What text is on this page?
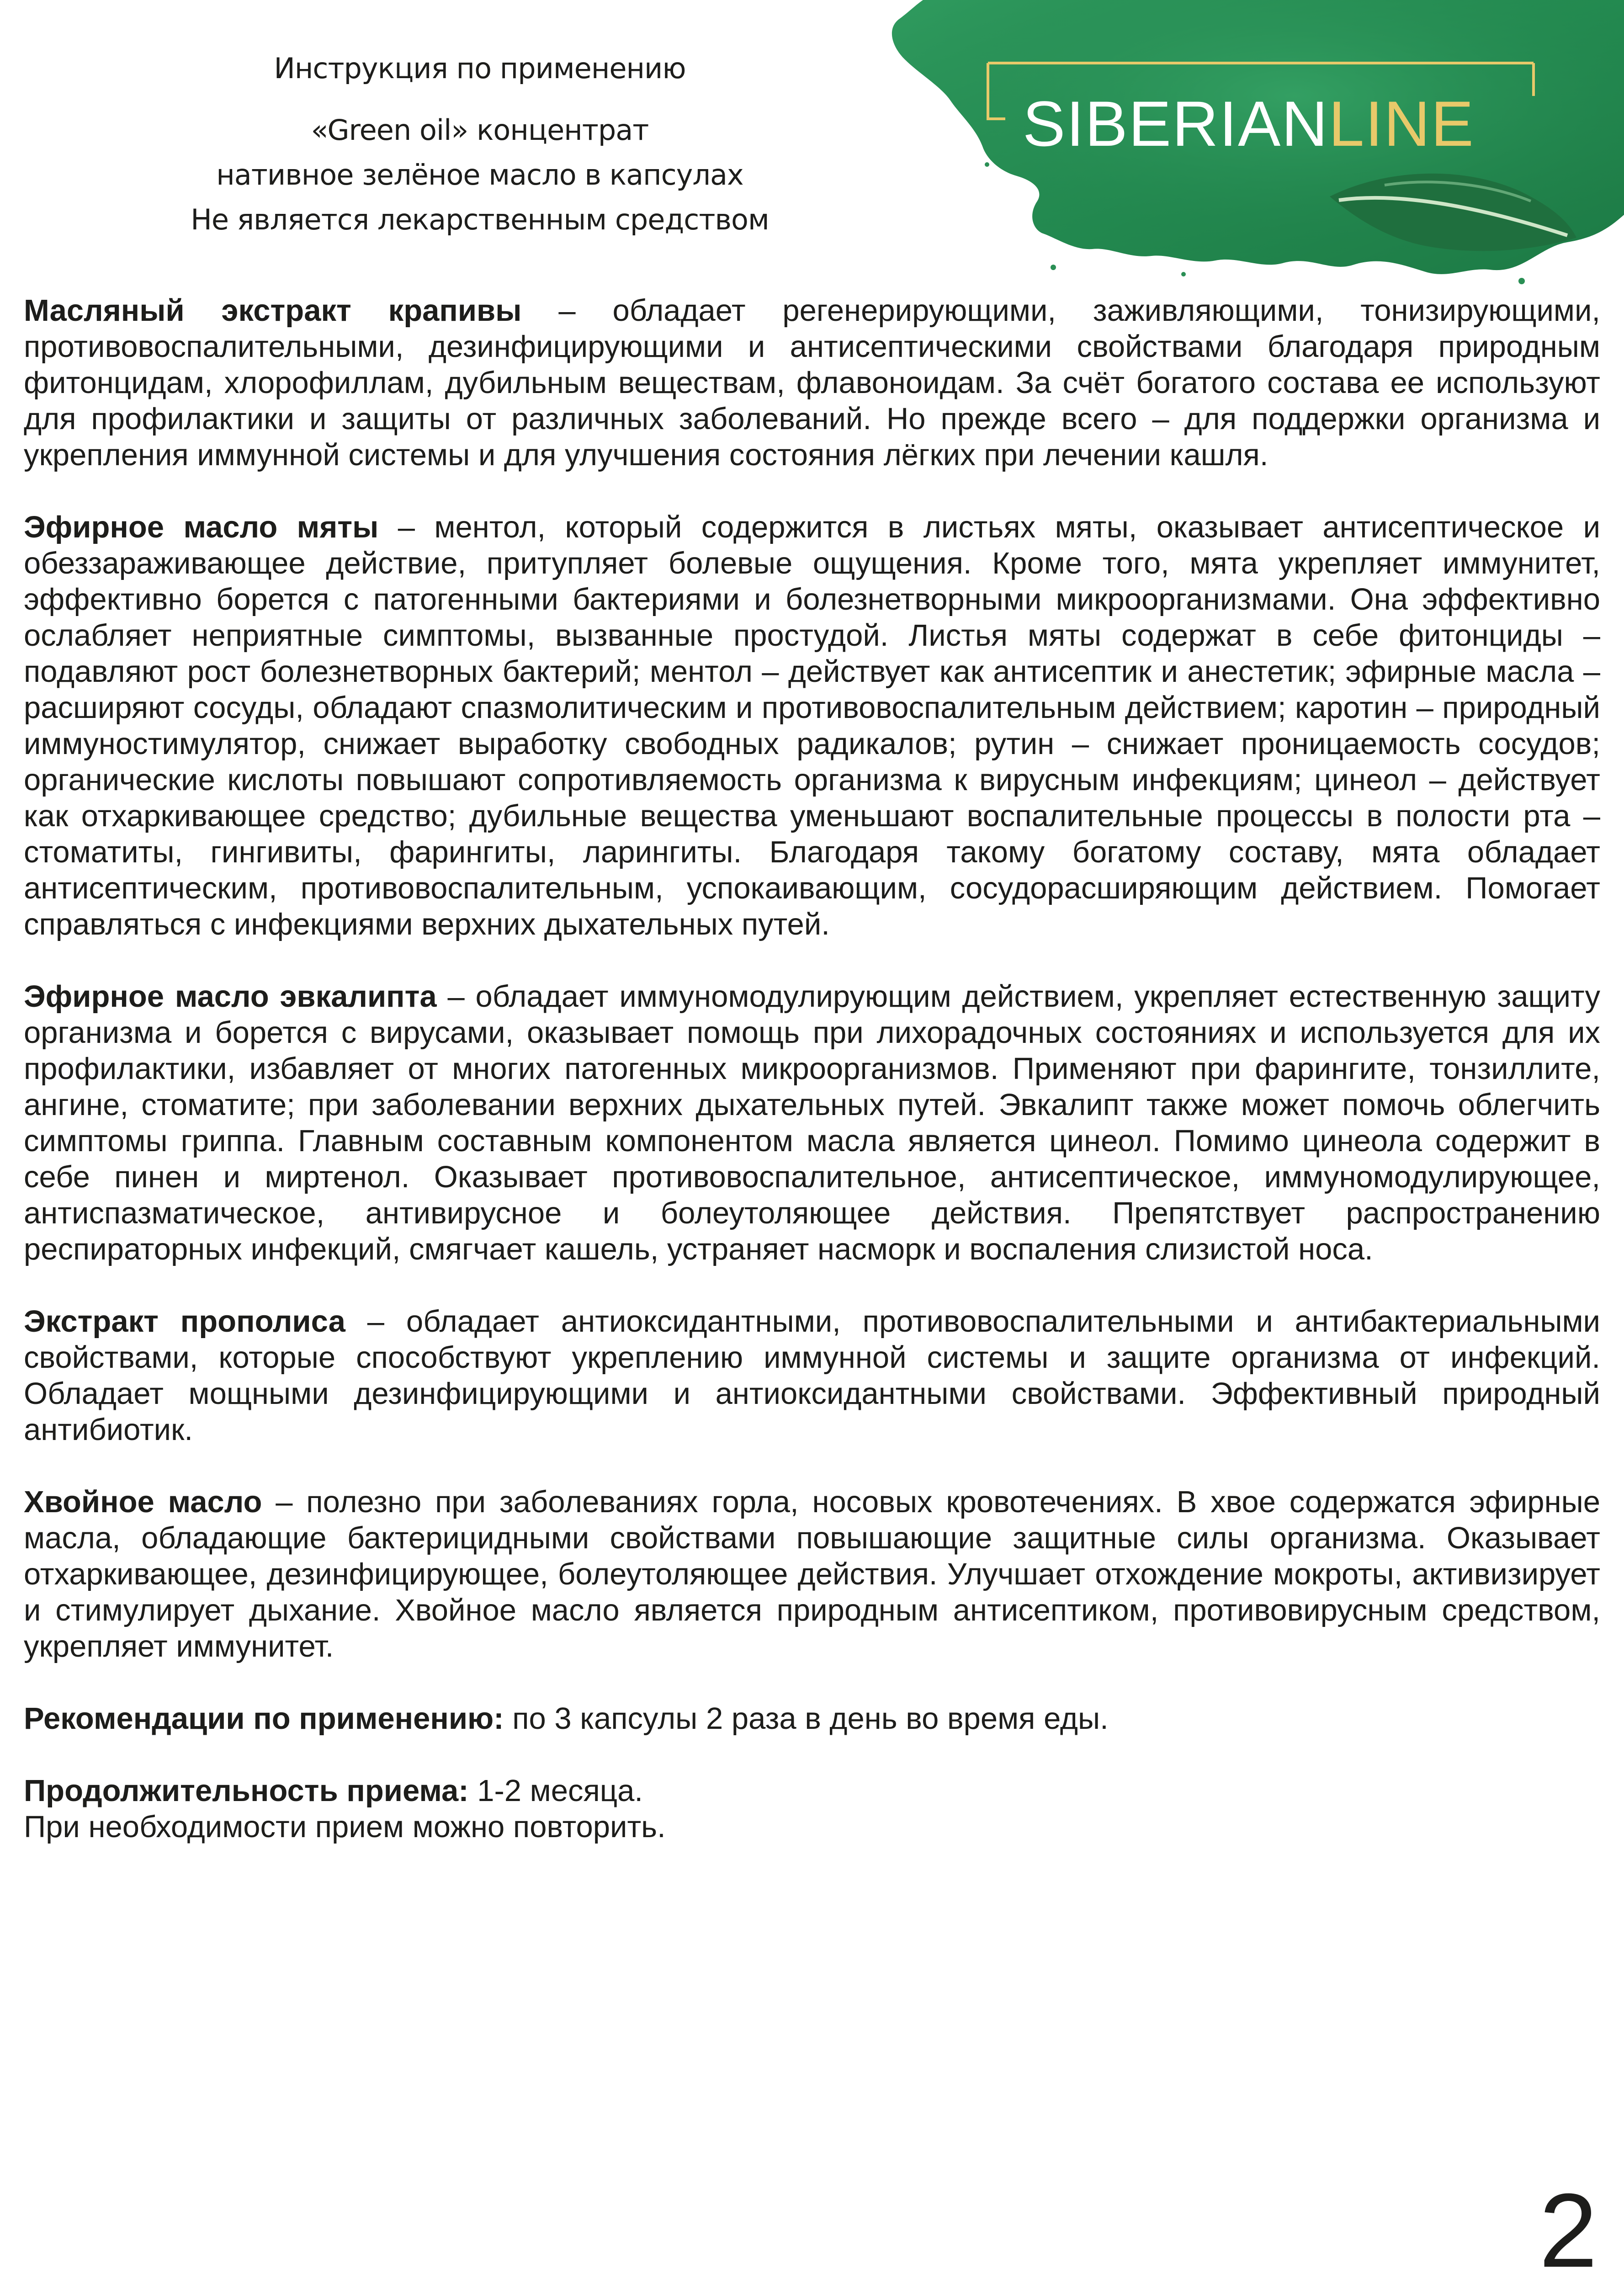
Инструкция по применению
«Green oil» концентрат
нативное зелёное масло в капсулах
Не является лекарственным средством
SIBERIANLINE

Масляный экстракт крапивы – обладает регенерирующими, заживляющими, тонизирующими, противовоспалительными, дезинфицирующими и антисептическими свойствами благодаря природным фитонцидам, хлорофиллам, дубильным веществам, флавоноидам. За счёт богатого состава ее используют для профилактики и защиты от различных заболеваний. Но прежде всего – для поддержки организма и укрепления иммунной системы и для улучшения состояния лёгких при лечении кашля.

Эфирное масло мяты – ментол, который содержится в листьях мяты, оказывает антисептическое и обеззараживающее действие, притупляет болевые ощущения. Кроме того, мята укрепляет иммунитет, эффективно борется с патогенными бактериями и болезнетворными микроорганизмами. Она эффективно ослабляет неприятные симптомы, вызванные простудой. Листья мяты содержат в себе фитонциды – подавляют рост болезнетворных бактерий; ментол – действует как антисептик и анестетик; эфирные масла – расширяют сосуды, обладают спазмолитическим и противовоспалительным действием; каротин – природный иммуностимулятор, снижает выработку свободных радикалов; рутин – снижает проницаемость сосудов; органические кислоты повышают сопротивляемость организма к вирусным инфекциям; цинеол – действует как отхаркивающее средство; дубильные вещества уменьшают воспалительные процессы в полости рта – стоматиты, гингивиты, фарингиты, ларингиты. Благодаря такому богатому составу, мята обладает антисептическим, противовоспалительным, успокаивающим, сосудорасширяющим действием. Помогает справляться с инфекциями верхних дыхательных путей.

Эфирное масло эвкалипта – обладает иммуномодулирующим действием, укрепляет естественную защиту организма и борется с вирусами, оказывает помощь при лихорадочных состояниях и используется для их профилактики, избавляет от многих патогенных микроорганизмов. Применяют при фарингите, тонзиллите, ангине, стоматите; при заболевании верхних дыхательных путей. Эвкалипт также может помочь облегчить симптомы гриппа. Главным составным компонентом масла является цинеол. Помимо цинеола содержит в себе пинен и миртенол. Оказывает противовоспалительное, антисептическое, иммуномодулирующее, антиспазматическое, антивирусное и болеутоляющее действия. Препятствует распространению респираторных инфекций, смягчает кашель, устраняет насморк и воспаления слизистой носа.

Экстракт прополиса – обладает антиоксидантными, противовоспалительными и антибактериальными свойствами, которые способствуют укреплению иммунной системы и защите организма от инфекций. Обладает мощными дезинфицирующими и антиоксидантными свойствами. Эффективный природный антибиотик.

Хвойное масло – полезно при заболеваниях горла, носовых кровотечениях. В хвое содержатся эфирные масла, обладающие бактерицидными свойствами повышающие защитные силы организма. Оказывает отхаркивающее, дезинфицирующее, болеутоляющее действия. Улучшает отхождение мокроты, активизирует и стимулирует дыхание. Хвойное масло является природным антисептиком, противовирусным средством, укрепляет иммунитет.

Рекомендации по применению: по 3 капсулы 2 раза в день во время еды.

Продолжительность приема: 1-2 месяца.

При необходимости прием можно повторить.

2
